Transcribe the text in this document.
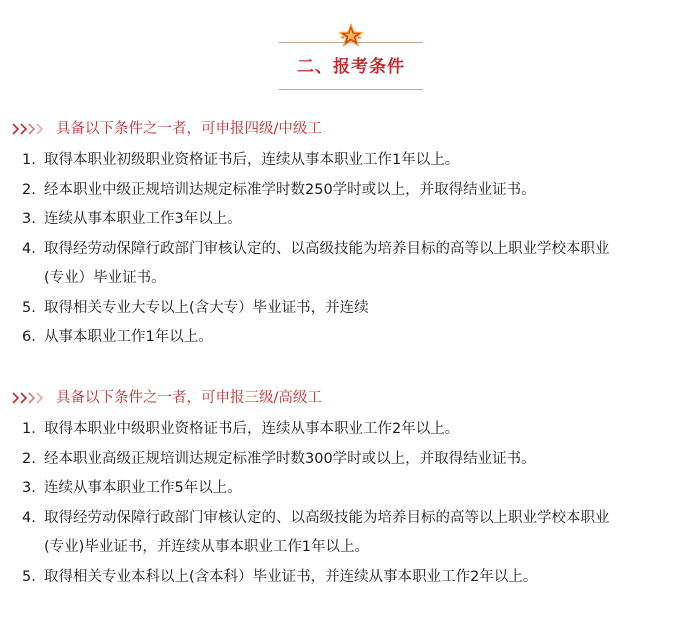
二、报考条件
具备以下条件之一者，可申报四级/中级工
1. 取得本职业初级职业资格证书后，连续从事本职业工作1年以上。
2. 经本职业中级正规培训达规定标准学时数250学时或以上，并取得结业证书。
3. 连续从事本职业工作3年以上。
4. 取得经劳动保障行政部门审核认定的、以高级技能为培养目标的高等以上职业学校本职业
(专业）毕业证书。
5. 取得相关专业大专以上(含大专）毕业证书，并连续
6. 从事本职业工作1年以上。
具备以下条件之一者，可申报三级/高级工
1. 取得本职业中级职业资格证书后，连续从事本职业工作2年以上。
2. 经本职业高级正规培训达规定标准学时数300学时或以上，并取得结业证书。
3. 连续从事本职业工作5年以上。
4. 取得经劳动保障行政部门审核认定的、以高级技能为培养目标的高等以上职业学校本职业
(专业)毕业证书，并连续从事本职业工作1年以上。
5. 取得相关专业本科以上(含本科）毕业证书，并连续从事本职业工作2年以上。
